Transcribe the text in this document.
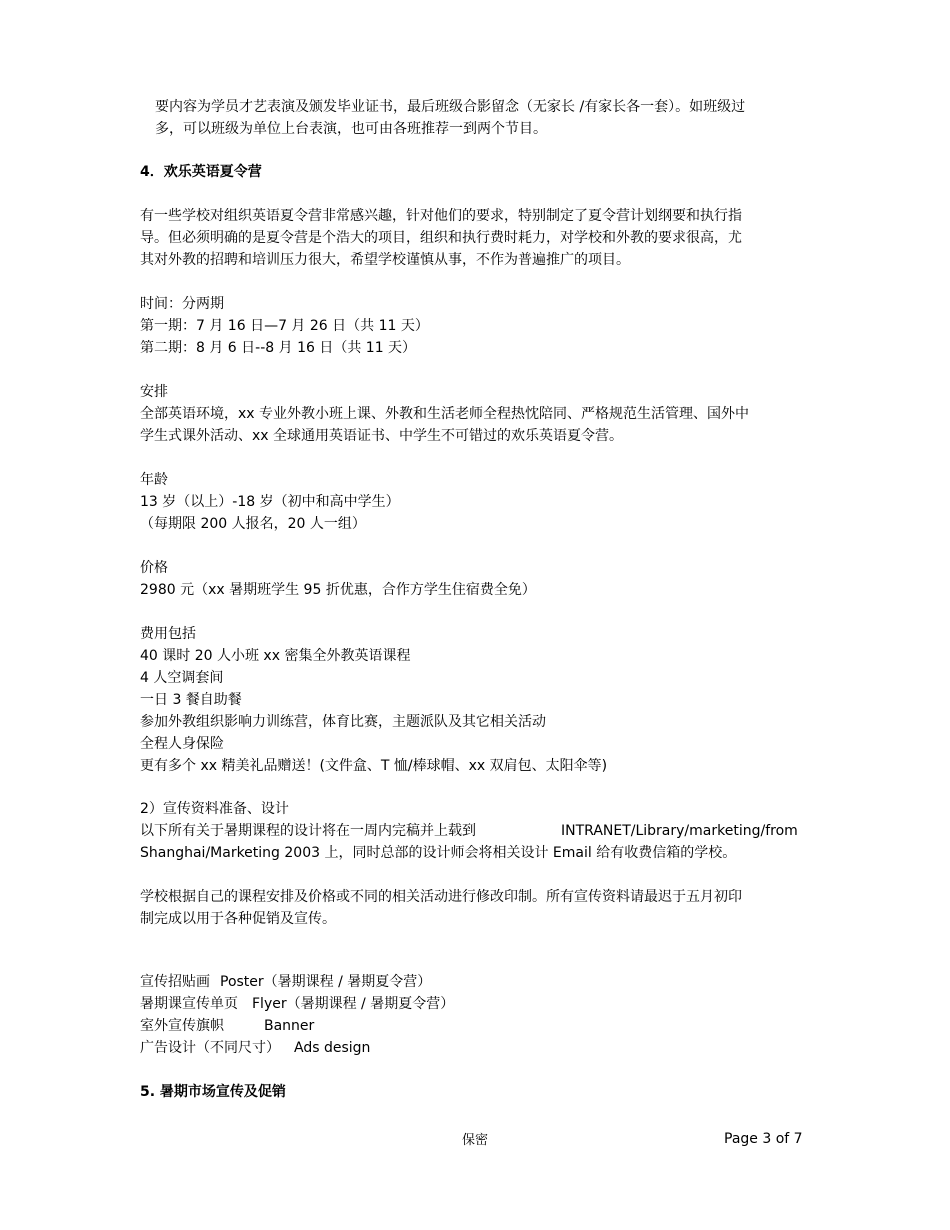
要内容为学员才艺表演及颁发毕业证书，最后班级合影留念（无家长 /有家长各一套）。如班级过
多，可以班级为单位上台表演，也可由各班推荐一到两个节目。
4．欢乐英语夏令营
有一些学校对组织英语夏令营非常感兴趣，针对他们的要求，特别制定了夏令营计划纲要和执行指
导。但必须明确的是夏令营是个浩大的项目，组织和执行费时耗力，对学校和外教的要求很高，尤
其对外教的招聘和培训压力很大，希望学校谨慎从事，不作为普遍推广的项目。
时间：分两期
第一期：7 月 16 日—7 月 26 日（共 11 天）
第二期：8 月 6 日--8 月 16 日（共 11 天）
安排
全部英语环境，xx 专业外教小班上课、外教和生活老师全程热忱陪同、严格规范生活管理、国外中
学生式课外活动、xx 全球通用英语证书、中学生不可错过的欢乐英语夏令营。
年龄
13 岁（以上）-18 岁（初中和高中学生）
（每期限 200 人报名，20 人一组）
价格
2980 元（xx 暑期班学生 95 折优惠，合作方学生住宿费全免）
费用包括
40 课时 20 人小班 xx 密集全外教英语课程
4 人空调套间
一日 3 餐自助餐
参加外教组织影响力训练营，体育比赛，主题派队及其它相关活动
全程人身保险
更有多个 xx 精美礼品赠送！(文件盒、T 恤/棒球帽、xx 双肩包、太阳伞等)
2）宣传资料准备、设计
以下所有关于暑期课程的设计将在一周内完稿并上载到	INTRANET/Library/marketing/from
Shanghai/Marketing 2003 上，同时总部的设计师会将相关设计 Email 给有收费信箱的学校。
学校根据自己的课程安排及价格或不同的相关活动进行修改印制。所有宣传资料请最迟于五月初印
制完成以用于各种促销及宣传。
宣传招贴画 Poster（暑期课程 / 暑期夏令营）
暑期课宣传单页 Flyer（暑期课程 / 暑期夏令营）
室外宣传旗帜	Banner
广告设计（不同尺寸） Ads design
5. 暑期市场宣传及促销
保密	Page 3 of 7
